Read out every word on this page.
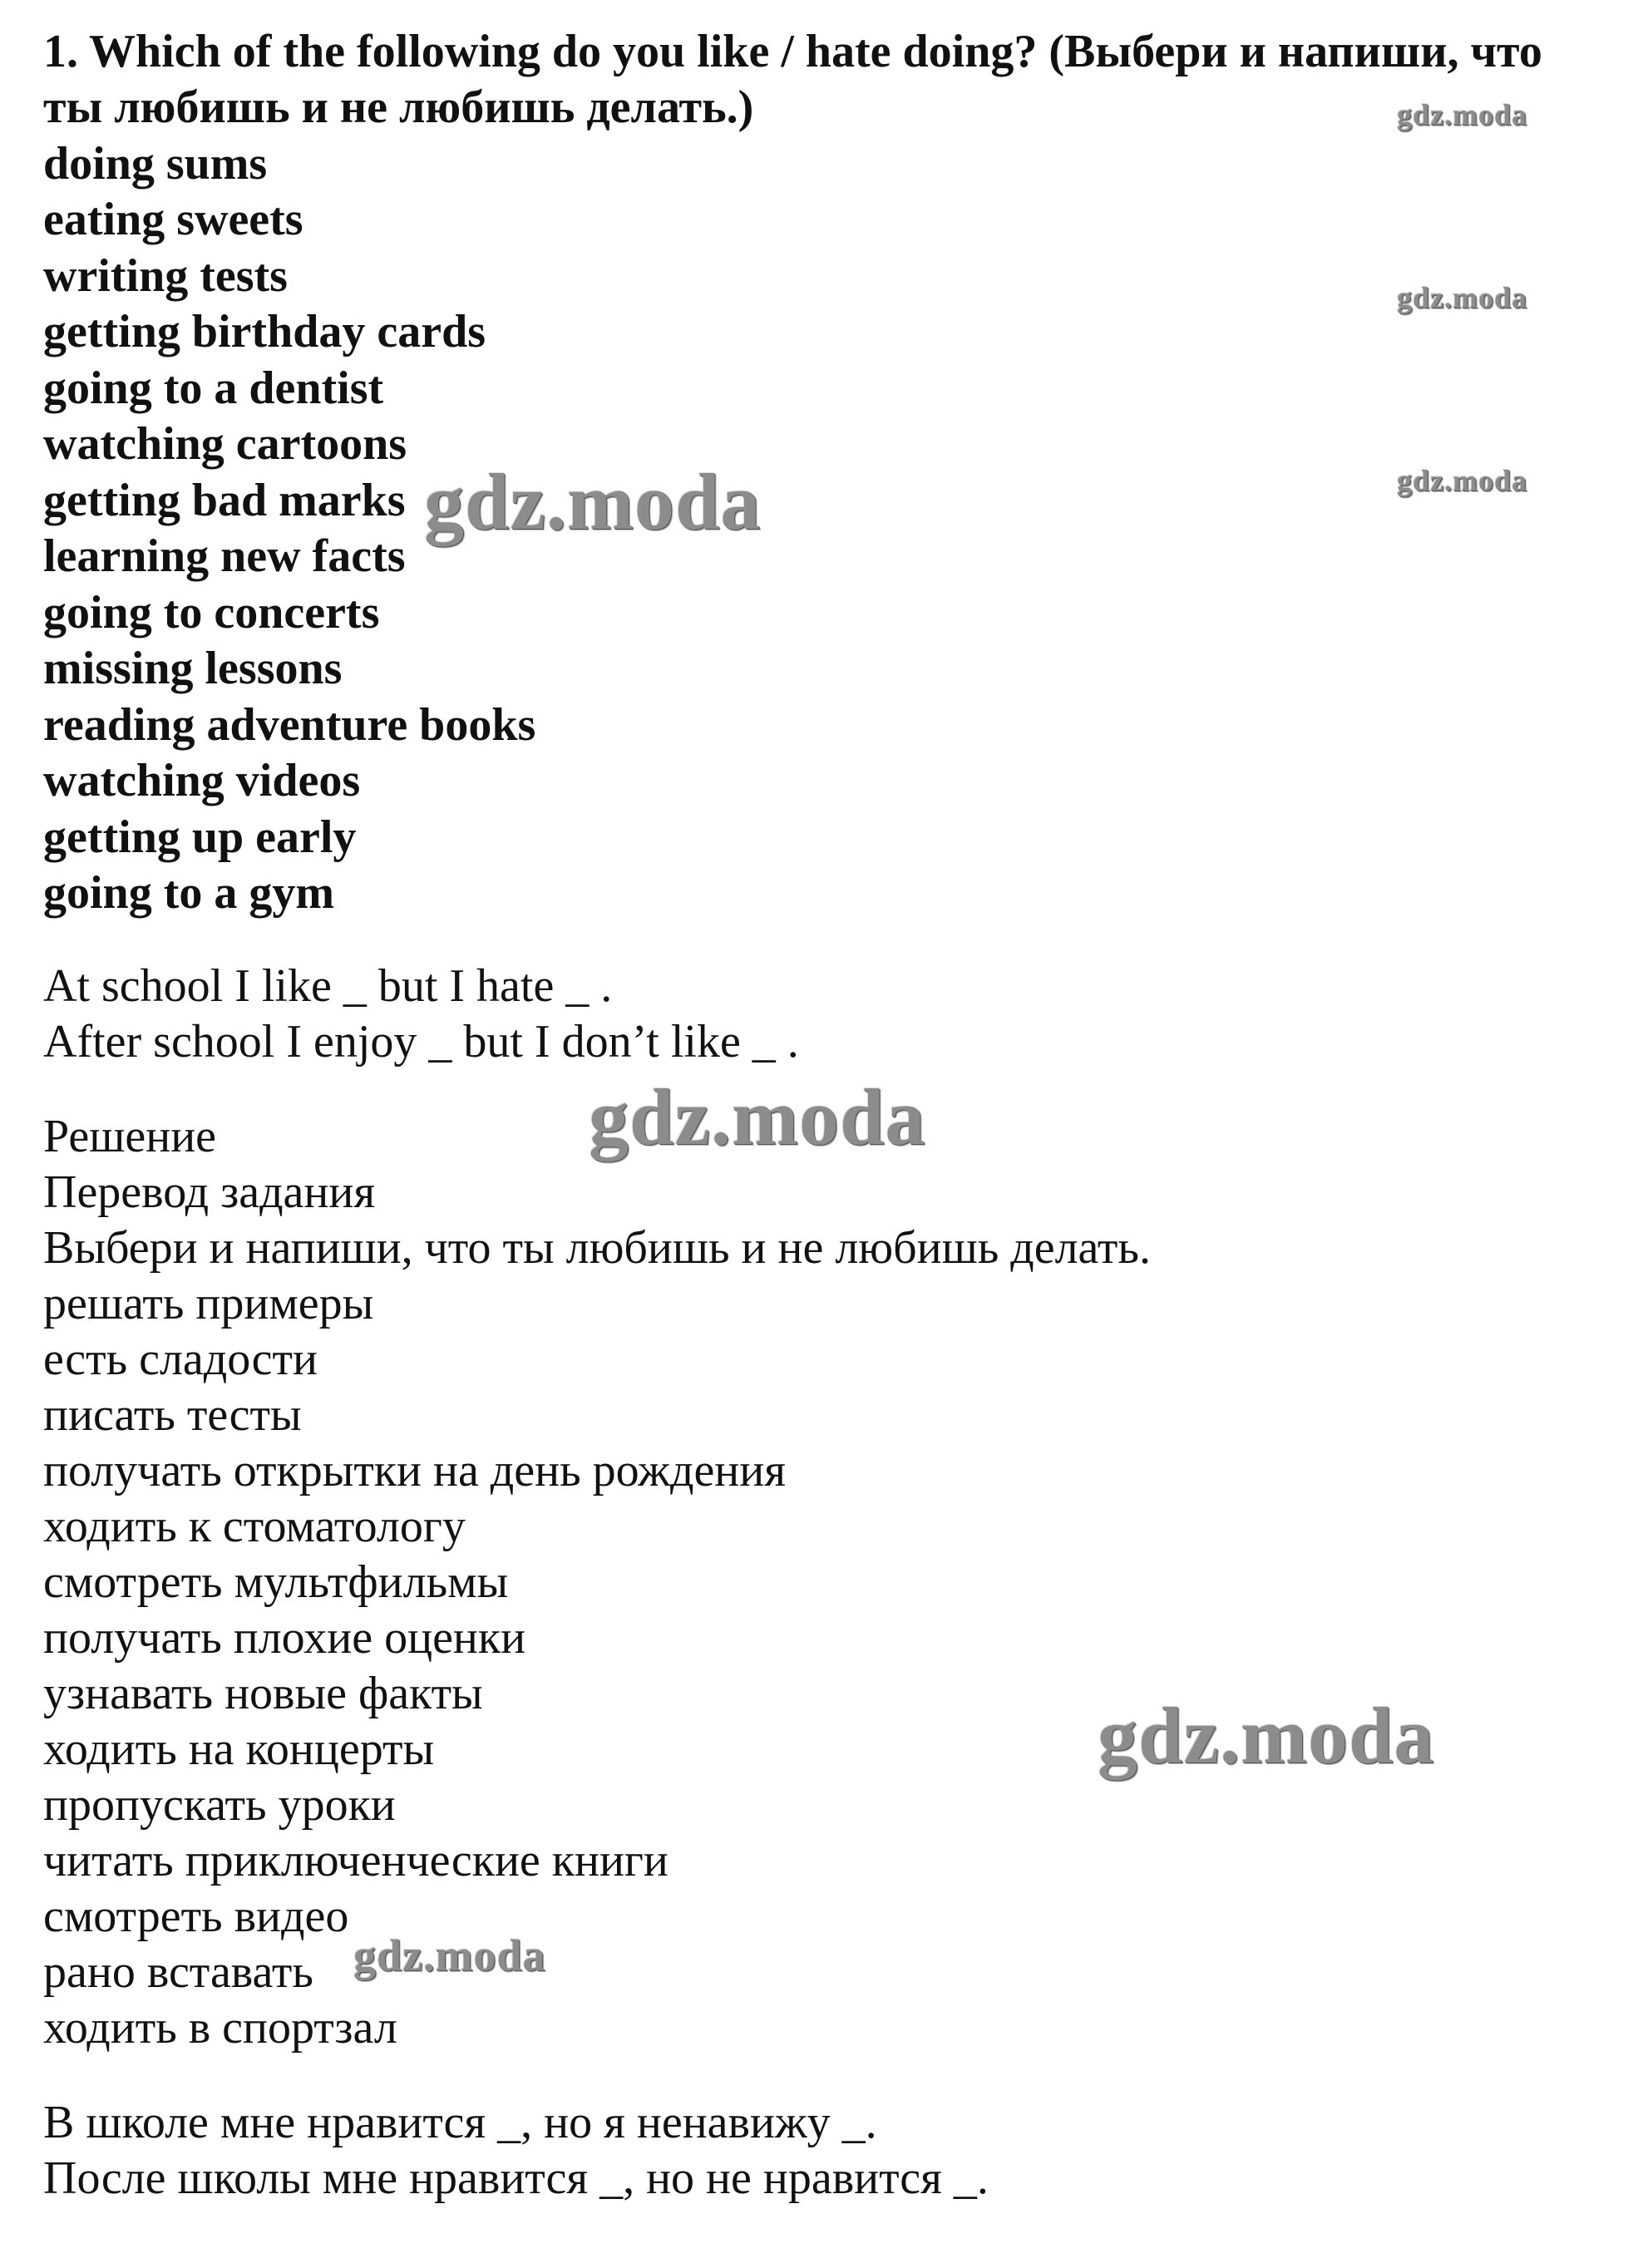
1. Which of the following do you like / hate doing? (Выбери и напиши, что
ты любишь и не любишь делать.)
doing sums
eating sweets
writing tests
getting birthday cards
going to a dentist
watching cartoons
getting bad marks
learning new facts
going to concerts
missing lessons
reading adventure books
watching videos
getting up early
going to a gym
At school I like _ but I hate _ .
After school I enjoy _ but I don’t like _ .
Решение
Перевод задания
Выбери и напиши, что ты любишь и не любишь делать.
решать примеры
есть сладости
писать тесты
получать открытки на день рождения
ходить к стоматологу
смотреть мультфильмы
получать плохие оценки
узнавать новые факты
ходить на концерты
пропускать уроки
читать приключенческие книги
смотреть видео
рано вставать
ходить в спортзал
В школе мне нравится _, но я ненавижу _.
После школы мне нравится _, но не нравится _.
gdz.moda
gdz.moda
gdz.moda
gdz.moda
gdz.moda
gdz.moda
gdz.moda
